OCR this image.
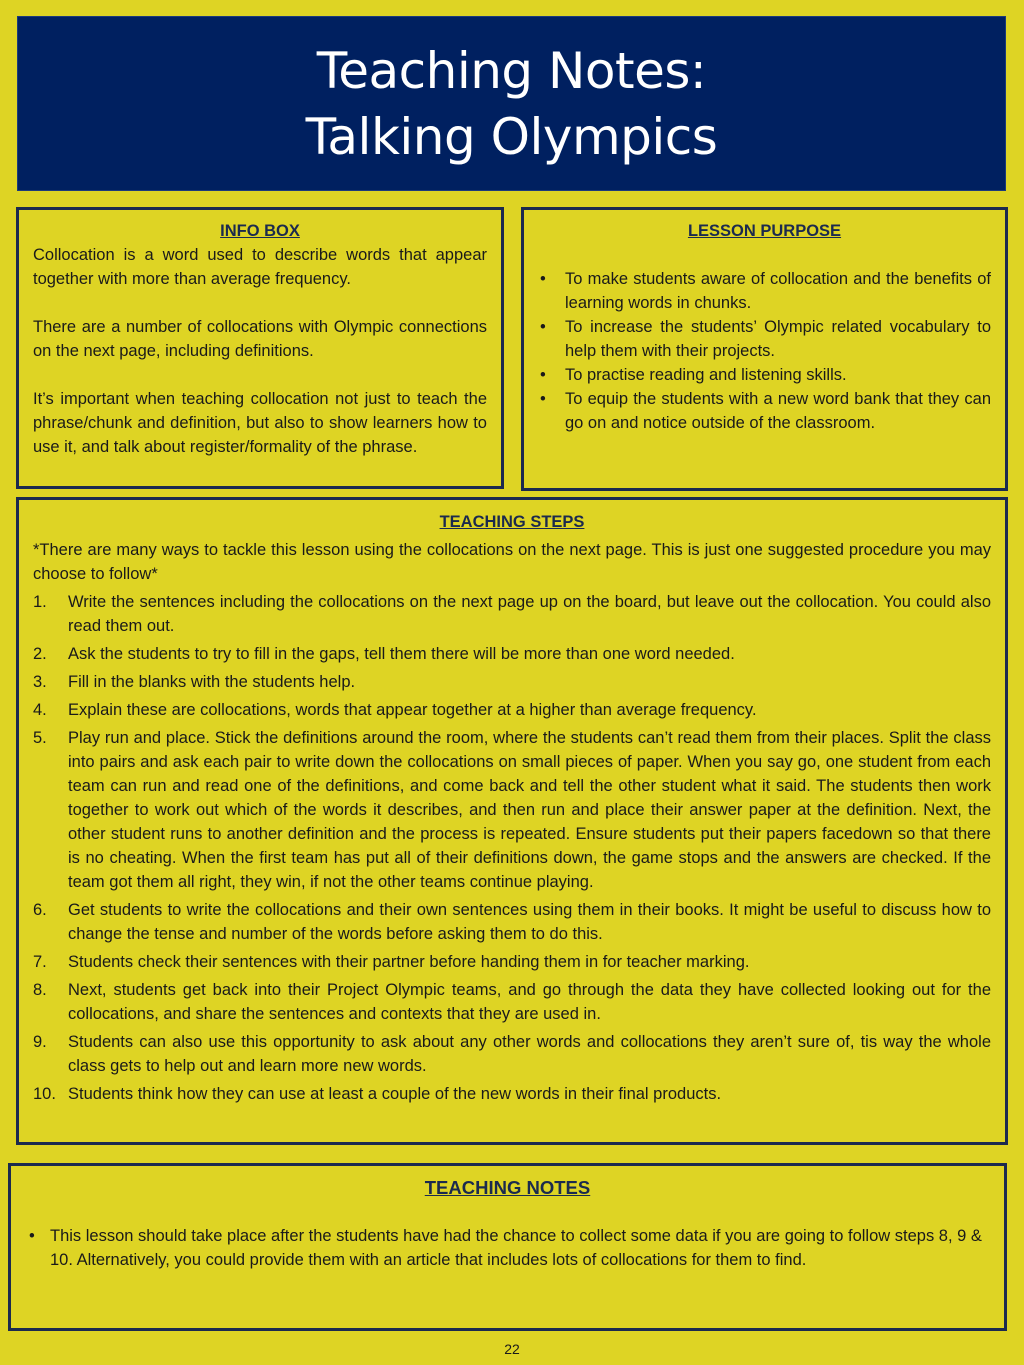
Teaching Notes:
Talking Olympics
INFO BOX

Collocation is a word used to describe words that appear together with more than average frequency.

There are a number of collocations with Olympic connections on the next page, including definitions.

It’s important when teaching collocation not just to teach the phrase/chunk and definition, but also to show learners how to use it, and talk about register/formality of the phrase.

LESSON PURPOSE
• To make students aware of collocation and the benefits of learning words in chunks.
• To increase the students’ Olympic related vocabulary to help them with their projects.
• To practise reading and listening skills.
• To equip the students with a new word bank that they can go on and notice outside of the classroom.
TEACHING STEPS

*There are many ways to tackle this lesson using the collocations on the next page. This is just one suggested procedure you may choose to follow*

1. Write the sentences including the collocations on the next page up on the board, but leave out the collocation. You could also read them out.
2. Ask the students to try to fill in the gaps, tell them there will be more than one word needed.
3. Fill in the blanks with the students help.
4. Explain these are collocations, words that appear together at a higher than average frequency.
5. Play run and place. Stick the definitions around the room, where the students can’t read them from their places. Split the class into pairs and ask each pair to write down the collocations on small pieces of paper. When you say go, one student from each team can run and read one of the definitions, and come back and tell the other student what it said. The students then work together to work out which of the words it describes, and then run and place their answer paper at the definition. Next, the other student runs to another definition and the process is repeated. Ensure students put their papers facedown so that there is no cheating. When the first team has put all of their definitions down, the game stops and the answers are checked. If the team got them all right, they win, if not the other teams continue playing.
6. Get students to write the collocations and their own sentences using them in their books. It might be useful to discuss how to change the tense and number of the words before asking them to do this.
7. Students check their sentences with their partner before handing them in for teacher marking.
8. Next, students get back into their Project Olympic teams, and go through the data they have collected looking out for the collocations, and share the sentences and contexts that they are used in.
9. Students can also use this opportunity to ask about any other words and collocations they aren’t sure of, tis way the whole class gets to help out and learn more new words.
10. Students think how they can use at least a couple of the new words in their final products.
TEACHING NOTES
• This lesson should take place after the students have had the chance to collect some data if you are going to follow steps 8, 9 & 10. Alternatively, you could provide them with an article that includes lots of collocations for them to find.
22
